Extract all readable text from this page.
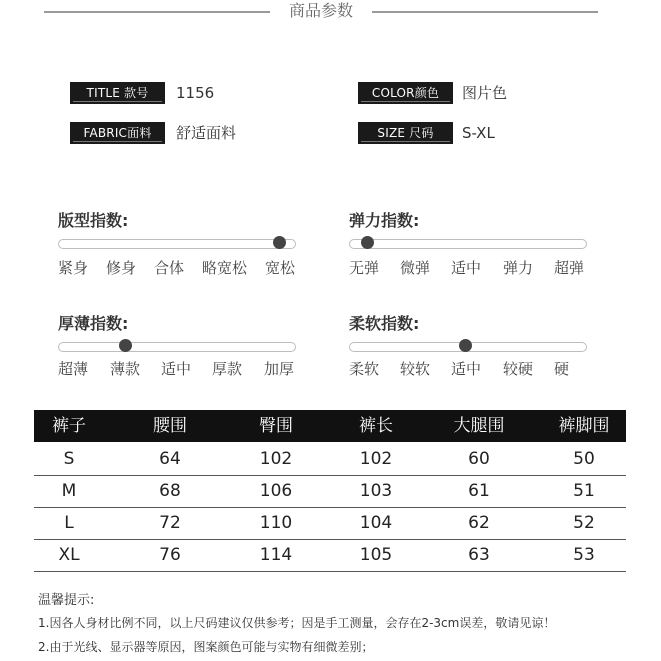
商品参数
TITLE 款号	1156	COLOR颜色	图片色
FABRIC面料	舒适面料	SIZE 尺码	S-XL
版型指数:
紧身 修身 合体 略宽松 宽松
弹力指数:
无弹 微弹 适中 弹力 超弹
厚薄指数:
超薄 薄款 适中 厚款 加厚
柔软指数:
柔软 较软 适中 较硬 硬
裤子	腰围	臀围	裤长	大腿围	裤脚围
S	64	102	102	60	50
M	68	106	103	61	51
L	72	110	104	62	52
XL	76	114	105	63	53
温馨提示:
1.因各人身材比例不同，以上尺码建议仅供参考；因是手工测量，会存在2-3cm误差，敬请见谅！
2.由于光线、显示器等原因，图案颜色可能与实物有细微差别；
